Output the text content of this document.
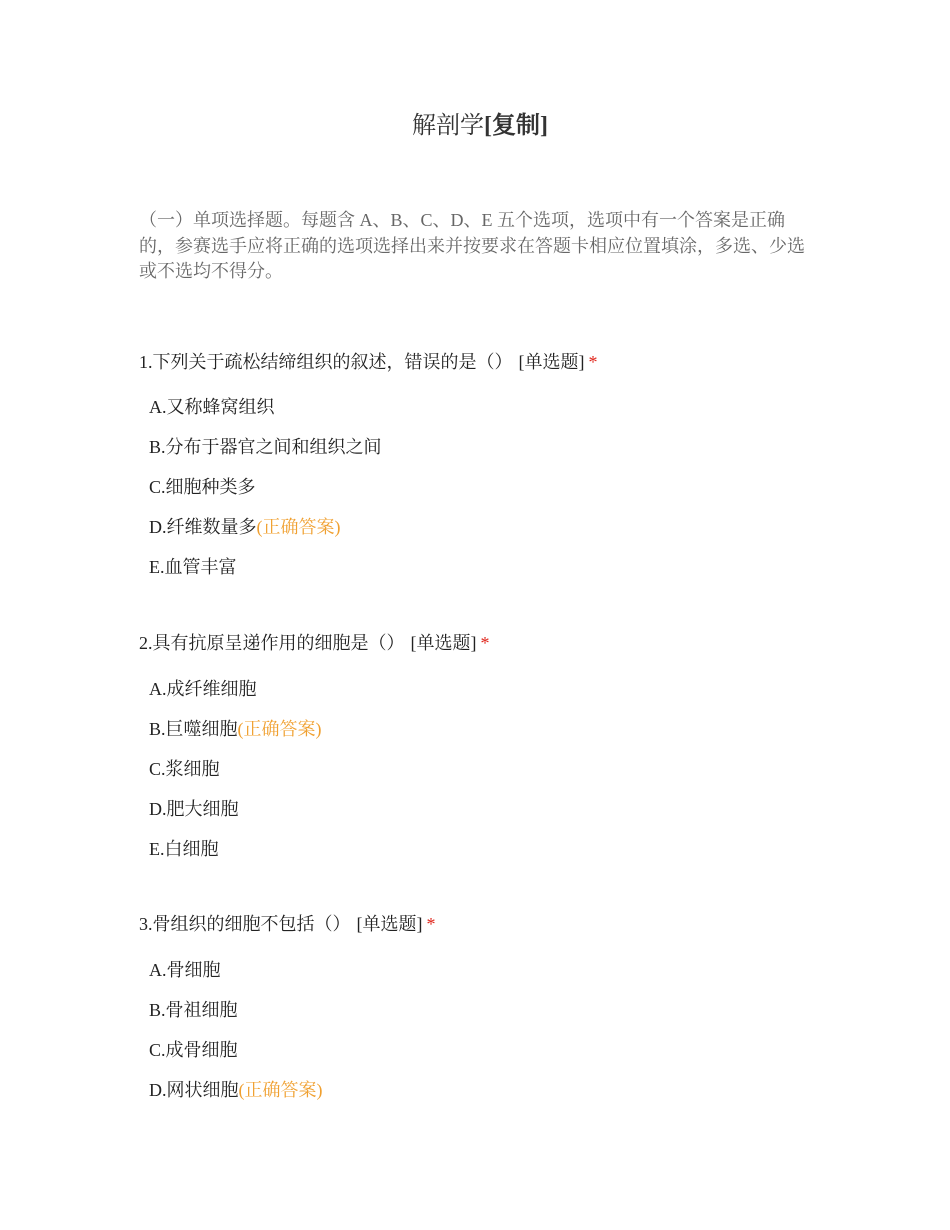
解剖学[复制]

（一）单项选择题。每题含 A、B、C、D、E 五个选项，选项中有一个答案是正确的，参赛选手应将正确的选项选择出来并按要求在答题卡相应位置填涂，多选、少选或不选均不得分。

1.下列关于疏松结缔组织的叙述，错误的是（） [单选题] *

A.又称蜂窝组织
B.分布于器官之间和组织之间
C.细胞种类多
D.纤维数量多(正确答案)
E.血管丰富

2.具有抗原呈递作用的细胞是（） [单选题] *

A.成纤维细胞
B.巨噬细胞(正确答案)
C.浆细胞
D.肥大细胞
E.白细胞

3.骨组织的细胞不包括（） [单选题] *

A.骨细胞
B.骨祖细胞
C.成骨细胞
D.网状细胞(正确答案)
